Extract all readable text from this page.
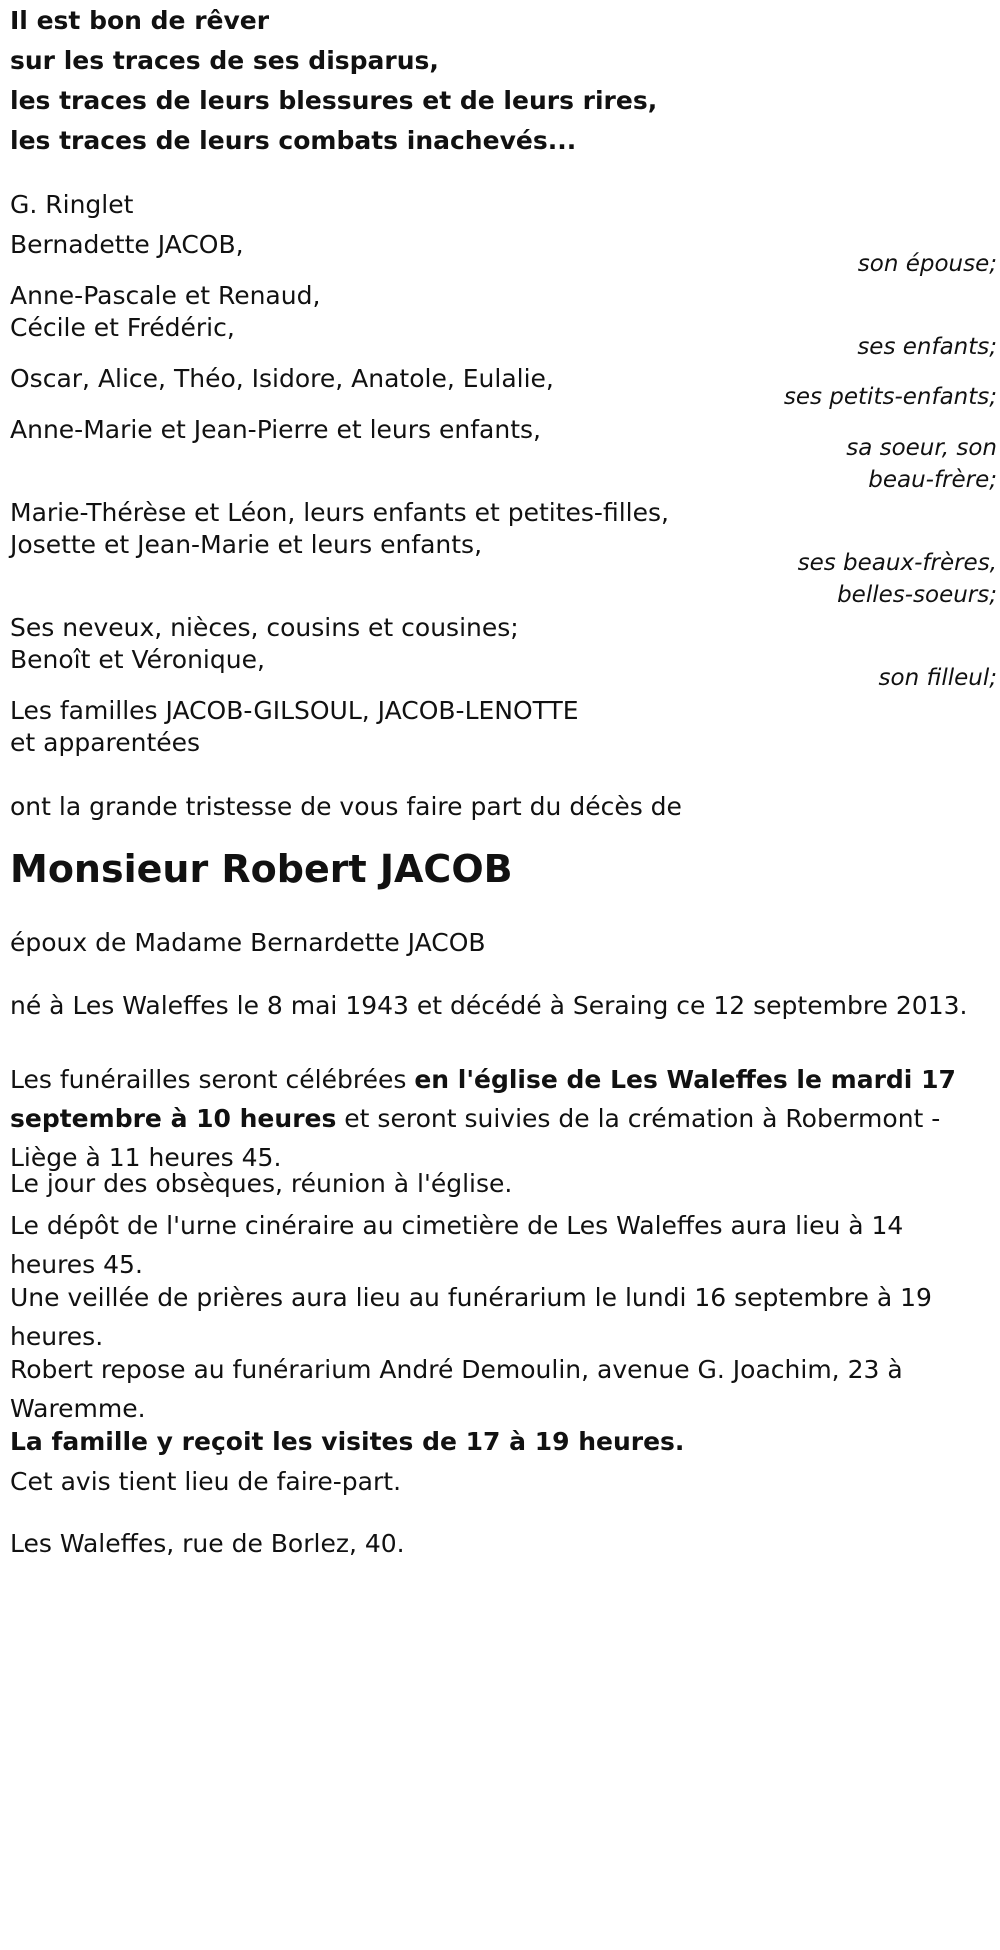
Il est bon de rêver
sur les traces de ses disparus,
les traces de leurs blessures et de leurs rires,
les traces de leurs combats inachevés...
G. Ringlet
Bernadette JACOB,
son épouse;
Anne-Pascale et Renaud,
Cécile et Frédéric,
ses enfants;
Oscar, Alice, Théo, Isidore, Anatole, Eulalie,
ses petits-enfants;
Anne-Marie et Jean-Pierre et leurs enfants,
sa soeur, son
beau-frère;
Marie-Thérèse et Léon, leurs enfants et petites-filles,
Josette et Jean-Marie et leurs enfants,
ses beaux-frères,
belles-soeurs;
Ses neveux, nièces, cousins et cousines;
Benoît et Véronique,
son filleul;
Les familles JACOB-GILSOUL, JACOB-LENOTTE
et apparentées
ont la grande tristesse de vous faire part du décès de
Monsieur Robert JACOB
époux de Madame Bernardette JACOB
né à Les Waleffes le 8 mai 1943 et décédé à Seraing ce 12 septembre 2013.
Les funérailles seront célébrées en l'église de Les Waleffes le mardi 17 septembre à 10 heures et seront suivies de la crémation à Robermont - Liège à 11 heures 45.
Le jour des obsèques, réunion à l'église.
Le dépôt de l'urne cinéraire au cimetière de Les Waleffes aura lieu à 14 heures 45.
Une veillée de prières aura lieu au funérarium le lundi 16 septembre à 19 heures.
Robert repose au funérarium André Demoulin, avenue G. Joachim, 23 à Waremme.
La famille y reçoit les visites de 17 à 19 heures.
Cet avis tient lieu de faire-part.
Les Waleffes, rue de Borlez, 40.
